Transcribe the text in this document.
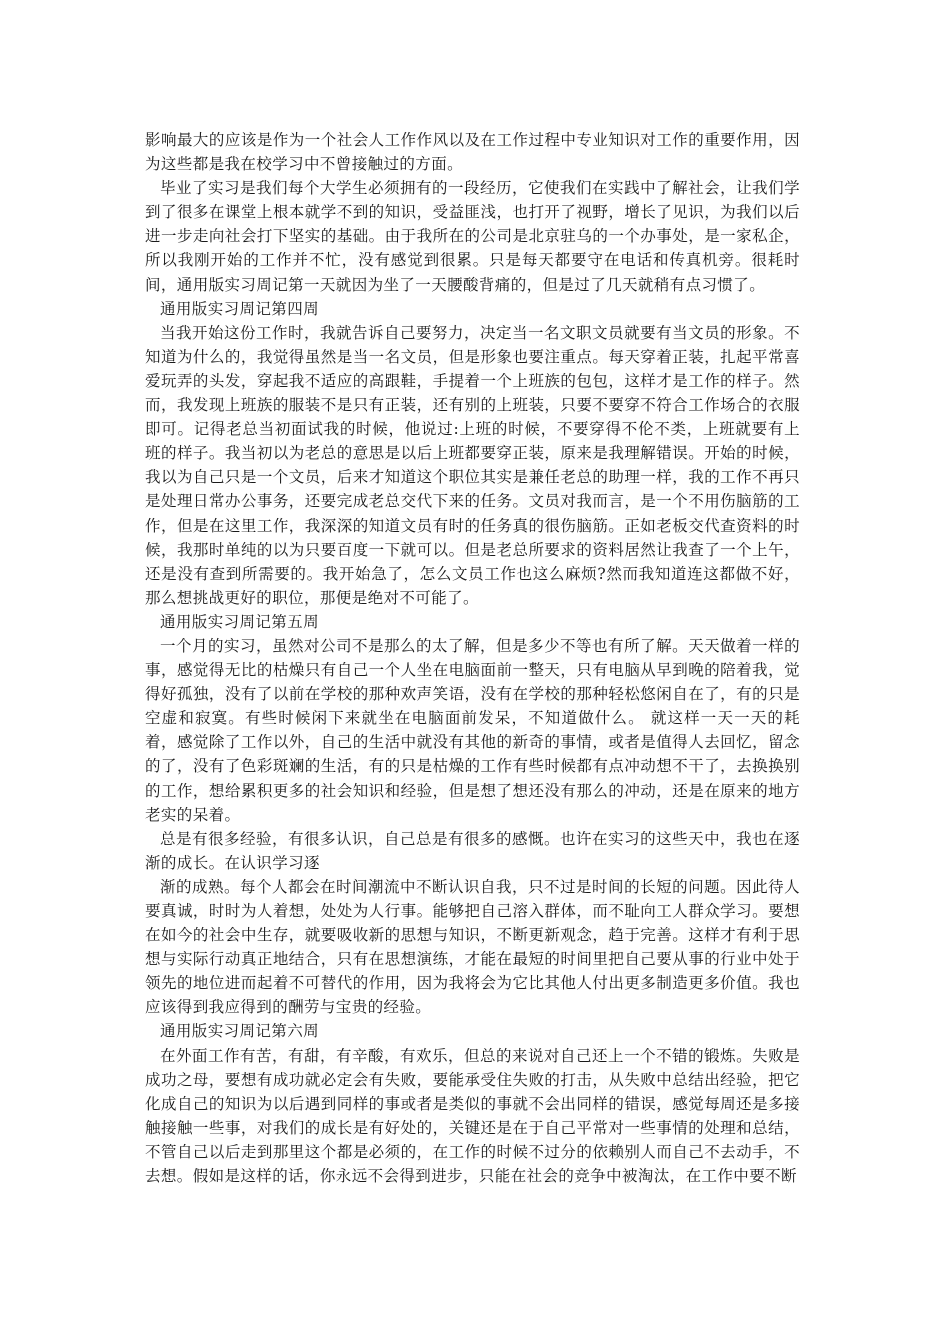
影响最大的应该是作为一个社会人工作作风以及在工作过程中专业知识对工作的重要作用，因为这些都是我在校学习中不曾接触过的方面。

毕业了实习是我们每个大学生必须拥有的一段经历，它使我们在实践中了解社会，让我们学到了很多在课堂上根本就学不到的知识，受益匪浅，也打开了视野，增长了见识，为我们以后进一步走向社会打下坚实的基础。由于我所在的公司是北京驻乌的一个办事处，是一家私企，所以我刚开始的工作并不忙，没有感觉到很累。只是每天都要守在电话和传真机旁。很耗时间，通用版实习周记第一天就因为坐了一天腰酸背痛的，但是过了几天就稍有点习惯了。

通用版实习周记第四周

当我开始这份工作时，我就告诉自己要努力，决定当一名文职文员就要有当文员的形象。不知道为什么的，我觉得虽然是当一名文员，但是形象也要注重点。每天穿着正装，扎起平常喜爱玩弄的头发，穿起我不适应的高跟鞋，手提着一个上班族的包包，这样才是工作的样子。然而，我发现上班族的服装不是只有正装，还有别的上班装，只要不要穿不符合工作场合的衣服即可。记得老总当初面试我的时候，他说过:上班的时候，不要穿得不伦不类，上班就要有上班的样子。我当初以为老总的意思是以后上班都要穿正装，原来是我理解错误。开始的时候，我以为自己只是一个文员，后来才知道这个职位其实是兼任老总的助理一样，我的工作不再只是处理日常办公事务，还要完成老总交代下来的任务。文员对我而言，是一个不用伤脑筋的工作，但是在这里工作，我深深的知道文员有时的任务真的很伤脑筋。正如老板交代查资料的时候，我那时单纯的以为只要百度一下就可以。但是老总所要求的资料居然让我查了一个上午，还是没有查到所需要的。我开始急了，怎么文员工作也这么麻烦?然而我知道连这都做不好，那么想挑战更好的职位，那便是绝对不可能了。

通用版实习周记第五周

一个月的实习，虽然对公司不是那么的太了解，但是多少不等也有所了解。天天做着一样的事，感觉得无比的枯燥只有自己一个人坐在电脑面前一整天，只有电脑从早到晚的陪着我，觉得好孤独，没有了以前在学校的那种欢声笑语，没有在学校的那种轻松悠闲自在了，有的只是空虚和寂寞。有些时候闲下来就坐在电脑面前发呆，不知道做什么。 就这样一天一天的耗着，感觉除了工作以外，自己的生活中就没有其他的新奇的事情，或者是值得人去回忆，留念的了，没有了色彩斑斓的生活，有的只是枯燥的工作有些时候都有点冲动想不干了，去换换别的工作，想给累积更多的社会知识和经验，但是想了想还没有那么的冲动，还是在原来的地方老实的呆着。

总是有很多经验，有很多认识，自己总是有很多的感慨。也许在实习的这些天中，我也在逐渐的成长。在认识学习逐

渐的成熟。每个人都会在时间潮流中不断认识自我，只不过是时间的长短的问题。因此待人要真诚，时时为人着想，处处为人行事。能够把自己溶入群体，而不耻向工人群众学习。要想在如今的社会中生存，就要吸收新的思想与知识，不断更新观念，趋于完善。这样才有利于思想与实际行动真正地结合，只有在思想演练，才能在最短的时间里把自己要从事的行业中处于领先的地位进而起着不可替代的作用，因为我将会为它比其他人付出更多制造更多价值。我也应该得到我应得到的酬劳与宝贵的经验。

通用版实习周记第六周

在外面工作有苦，有甜，有辛酸，有欢乐，但总的来说对自己还上一个不错的锻炼。失败是成功之母，要想有成功就必定会有失败，要能承受住失败的打击，从失败中总结出经验，把它化成自己的知识为以后遇到同样的事或者是类似的事就不会出同样的错误，感觉每周还是多接触接触一些事，对我们的成长是有好处的，关键还是在于自己平常对一些事情的处理和总结，不管自己以后走到那里这个都是必须的，在工作的时候不过分的依赖别人而自己不去动手，不去想。假如是这样的话，你永远不会得到进步，只能在社会的竞争中被淘汰，在工作中要不断
